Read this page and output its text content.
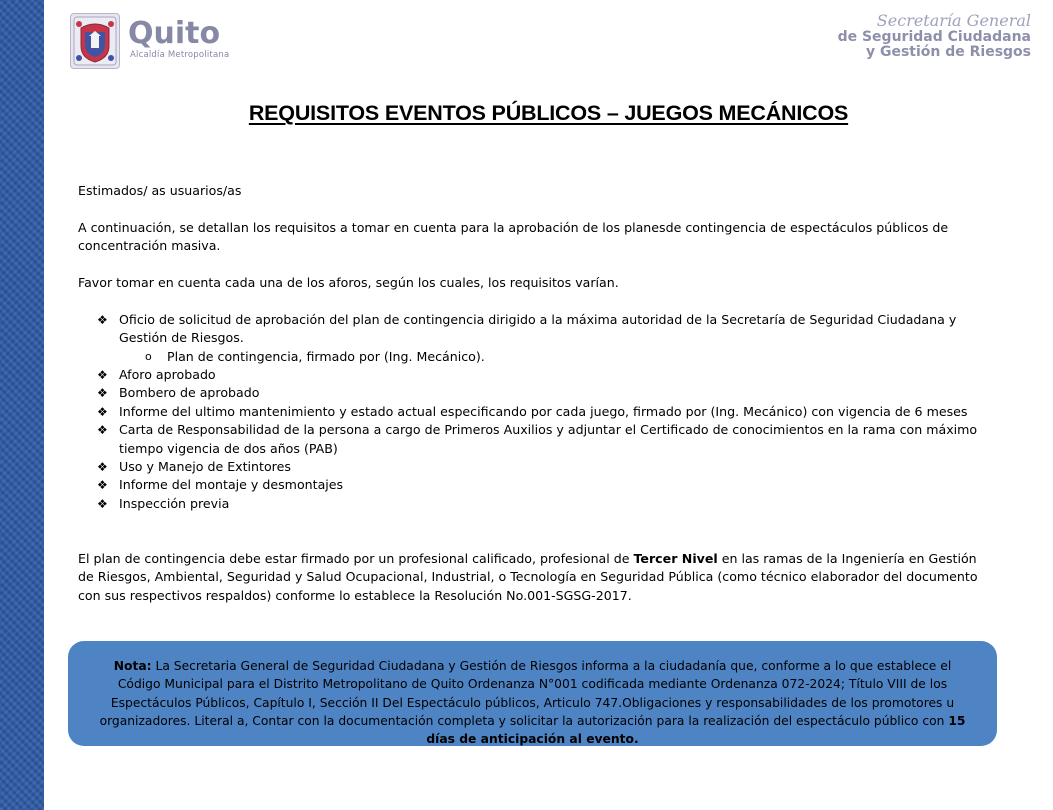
Quito
Alcaldía Metropolitana
Secretaría General
de Seguridad Ciudadana
y Gestión de Riesgos
REQUISITOS EVENTOS PÚBLICOS – JUEGOS MECÁNICOS

Estimados/ as usuarios/as

A continuación, se detallan los requisitos a tomar en cuenta para la aprobación de los planesde contingencia de espectáculos públicos de concentración masiva.

Favor tomar en cuenta cada una de los aforos, según los cuales, los requisitos varían.

❖ Oficio de solicitud de aprobación del plan de contingencia dirigido a la máxima autoridad de la Secretaría de Seguridad Ciudadana y Gestión de Riesgos.
o Plan de contingencia, firmado por (Ing. Mecánico).
❖ Aforo aprobado
❖ Bombero de aprobado
❖ Informe del ultimo mantenimiento y estado actual especificando por cada juego, firmado por (Ing. Mecánico) con vigencia de 6 meses
❖ Carta de Responsabilidad de la persona a cargo de Primeros Auxilios y adjuntar el Certificado de conocimientos en la rama con máximo tiempo vigencia de dos años (PAB)
❖ Uso y Manejo de Extintores
❖ Informe del montaje y desmontajes
❖ Inspección previa

El plan de contingencia debe estar firmado por un profesional calificado, profesional de Tercer Nivel en las ramas de la Ingeniería en Gestión de Riesgos, Ambiental, Seguridad y Salud Ocupacional, Industrial, o Tecnología en Seguridad Pública (como técnico elaborador del documento con sus respectivos respaldos) conforme lo establece la Resolución No.001-SGSG-2017.

Nota: La Secretaria General de Seguridad Ciudadana y Gestión de Riesgos informa a la ciudadanía que, conforme a lo que establece el Código Municipal para el Distrito Metropolitano de Quito Ordenanza N°001 codificada mediante Ordenanza 072-2024; Título VIII de los Espectáculos Públicos, Capítulo I, Sección II Del Espectáculo públicos, Articulo 747.Obligaciones y responsabilidades de los promotores u organizadores. Literal a, Contar con la documentación completa y solicitar la autorización para la realización del espectáculo público con 15 días de anticipación al evento.
